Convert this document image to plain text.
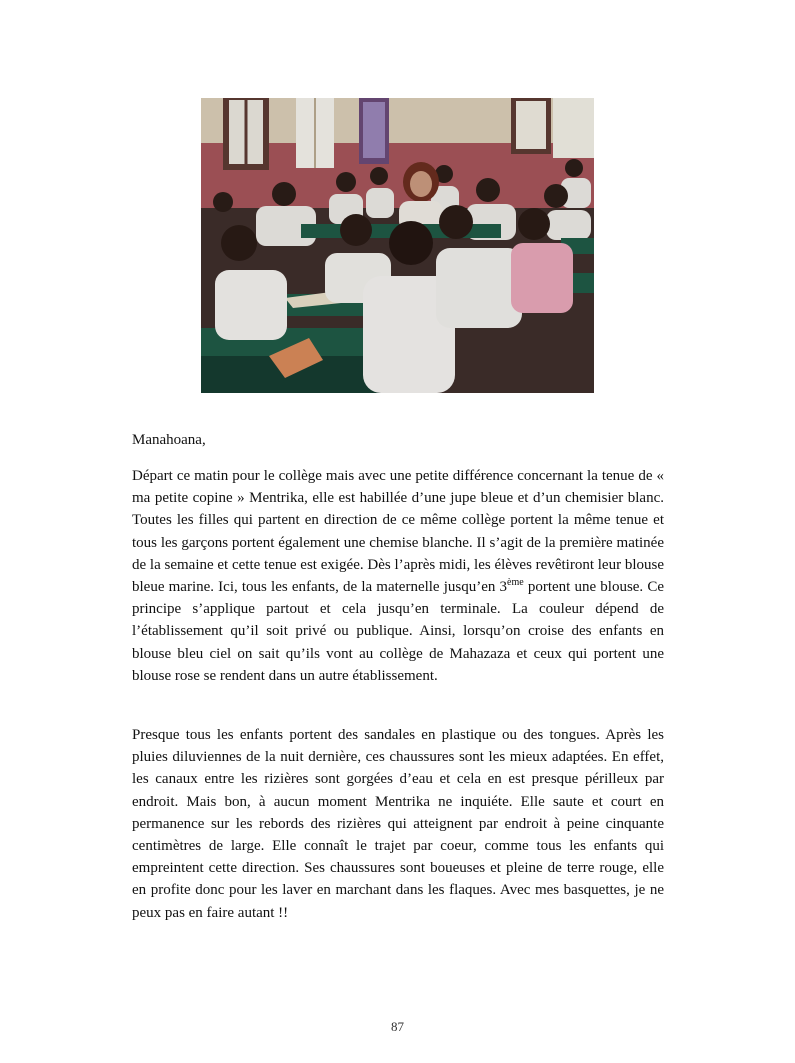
Manahoana,

Départ ce matin pour le collège mais avec une petite différence concernant la tenue de « ma petite copine » Mentrika, elle est habillée d’une jupe bleue et d’un chemisier blanc. Toutes les filles qui partent en direction de ce même collège portent la même tenue et tous les garçons portent également une chemise blanche. Il s’agit de la première matinée de la semaine et cette tenue est exigée. Dès l’après midi, les élèves revêtiront leur blouse bleue marine. Ici, tous les enfants, de la maternelle jusqu’en 3ème portent une blouse. Ce principe s’applique partout et cela jusqu’en terminale. La couleur dépend de l’établissement qu’il soit privé ou publique. Ainsi, lorsqu’on croise des enfants en blouse bleu ciel on sait qu’ils vont au collège de Mahazaza et ceux qui portent une blouse rose se rendent dans un autre établissement.

Presque tous les enfants portent des sandales en plastique ou des tongues. Après les pluies diluviennes de la nuit dernière, ces chaussures sont les mieux adaptées. En effet, les canaux entre les rizières sont gorgées d’eau et cela en est presque périlleux par endroit. Mais bon, à aucun moment Mentrika ne inquiéte. Elle saute et court en permanence sur les rebords des rizières qui atteignent par endroit à peine cinquante centimètres de large. Elle connaît le trajet par coeur, comme tous les enfants qui empreintent cette direction. Ses chaussures sont boueuses et pleine de terre rouge, elle en profite donc pour les laver en marchant dans les flaques. Avec mes basquettes, je ne peux pas en faire autant !!

87
